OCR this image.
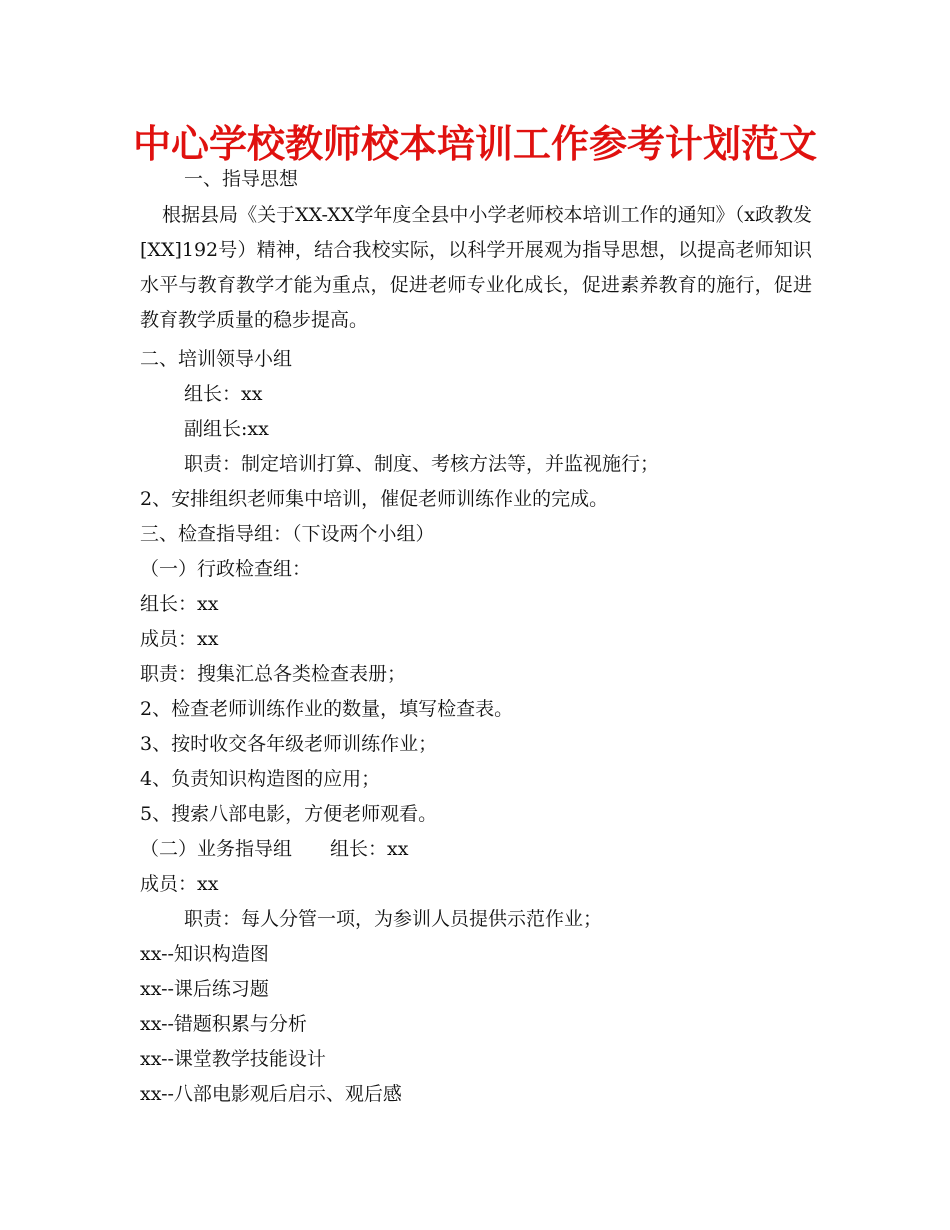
中心学校教师校本培训工作参考计划范文
一、指导思想
根据县局《关于XX-XX学年度全县中小学老师校本培训工作的通知》（x政教发[XX]192号）精神，结合我校实际，以科学开展观为指导思想，以提高老师知识水平与教育教学才能为重点，促进老师专业化成长，促进素养教育的施行，促进教育教学质量的稳步提高。
二、培训领导小组
组长：xx
副组长:xx
职责：制定培训打算、制度、考核方法等，并监视施行；
2、安排组织老师集中培训，催促老师训练作业的完成。
三、检查指导组：（下设两个小组）
（一）行政检查组：
组长：xx
成员：xx
职责：搜集汇总各类检查表册；
2、检查老师训练作业的数量，填写检查表。
3、按时收交各年级老师训练作业；
4、负责知识构造图的应用；
5、搜索八部电影，方便老师观看。
（二）业务指导组　　组长：xx
成员：xx
职责：每人分管一项，为参训人员提供示范作业；
xx--知识构造图
xx--课后练习题
xx--错题积累与分析
xx--课堂教学技能设计
xx--八部电影观后启示、观后感
